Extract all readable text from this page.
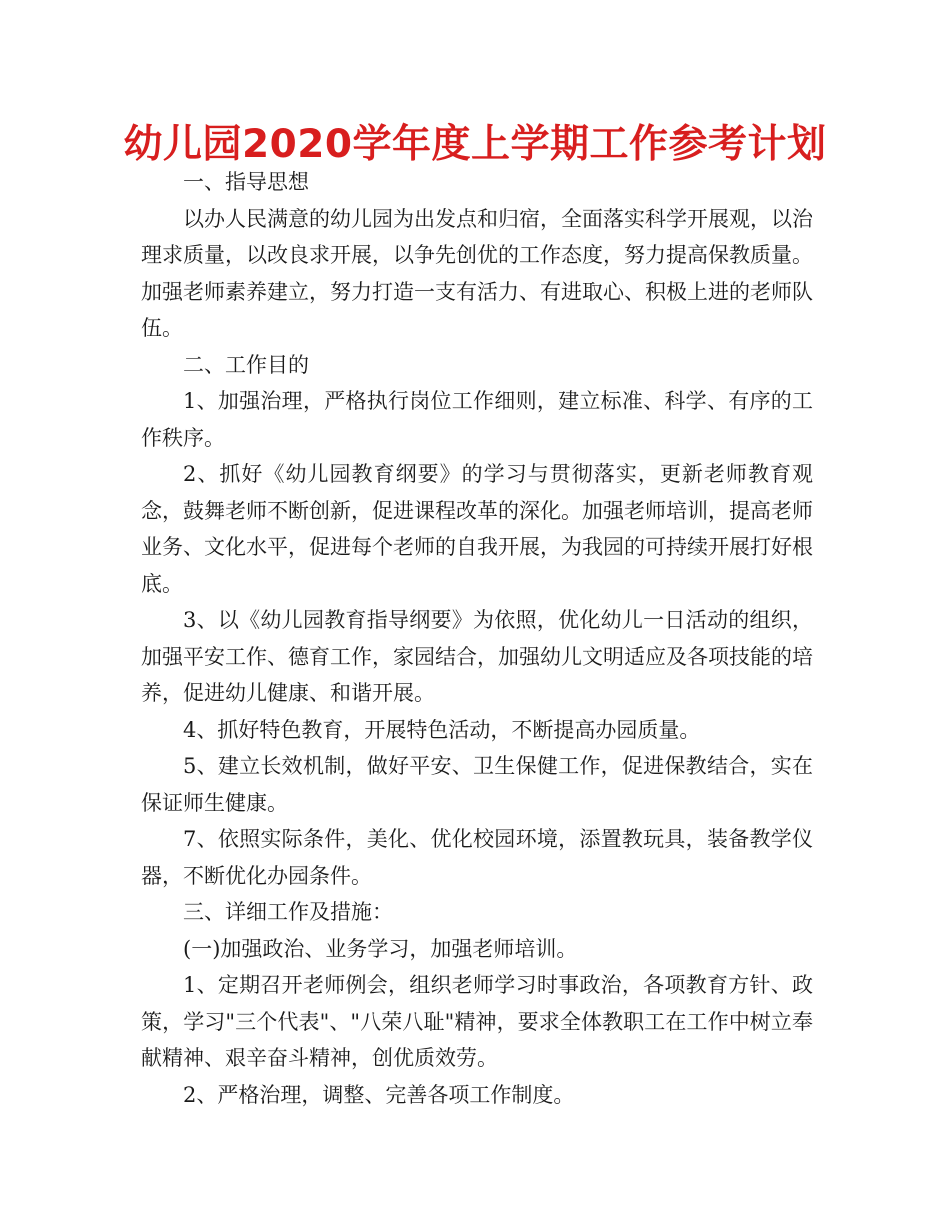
幼儿园2020学年度上学期工作参考计划

一、指导思想

以办人民满意的幼儿园为出发点和归宿，全面落实科学开展观，以治理求质量，以改良求开展，以争先创优的工作态度，努力提高保教质量。加强老师素养建立，努力打造一支有活力、有进取心、积极上进的老师队伍。

二、工作目的

1、加强治理，严格执行岗位工作细则，建立标准、科学、有序的工作秩序。

2、抓好《幼儿园教育纲要》的学习与贯彻落实，更新老师教育观念，鼓舞老师不断创新，促进课程改革的深化。加强老师培训，提高老师业务、文化水平，促进每个老师的自我开展，为我园的可持续开展打好根底。

3、以《幼儿园教育指导纲要》为依照，优化幼儿一日活动的组织，加强平安工作、德育工作，家园结合，加强幼儿文明适应及各项技能的培养，促进幼儿健康、和谐开展。

4、抓好特色教育，开展特色活动，不断提高办园质量。

5、建立长效机制，做好平安、卫生保健工作，促进保教结合，实在保证师生健康。

7、依照实际条件，美化、优化校园环境，添置教玩具，装备教学仪器，不断优化办园条件。

三、详细工作及措施：

(一)加强政治、业务学习，加强老师培训。

1、定期召开老师例会，组织老师学习时事政治，各项教育方针、政策，学习"三个代表"、"八荣八耻"精神，要求全体教职工在工作中树立奉献精神、艰辛奋斗精神，创优质效劳。

2、严格治理，调整、完善各项工作制度。
